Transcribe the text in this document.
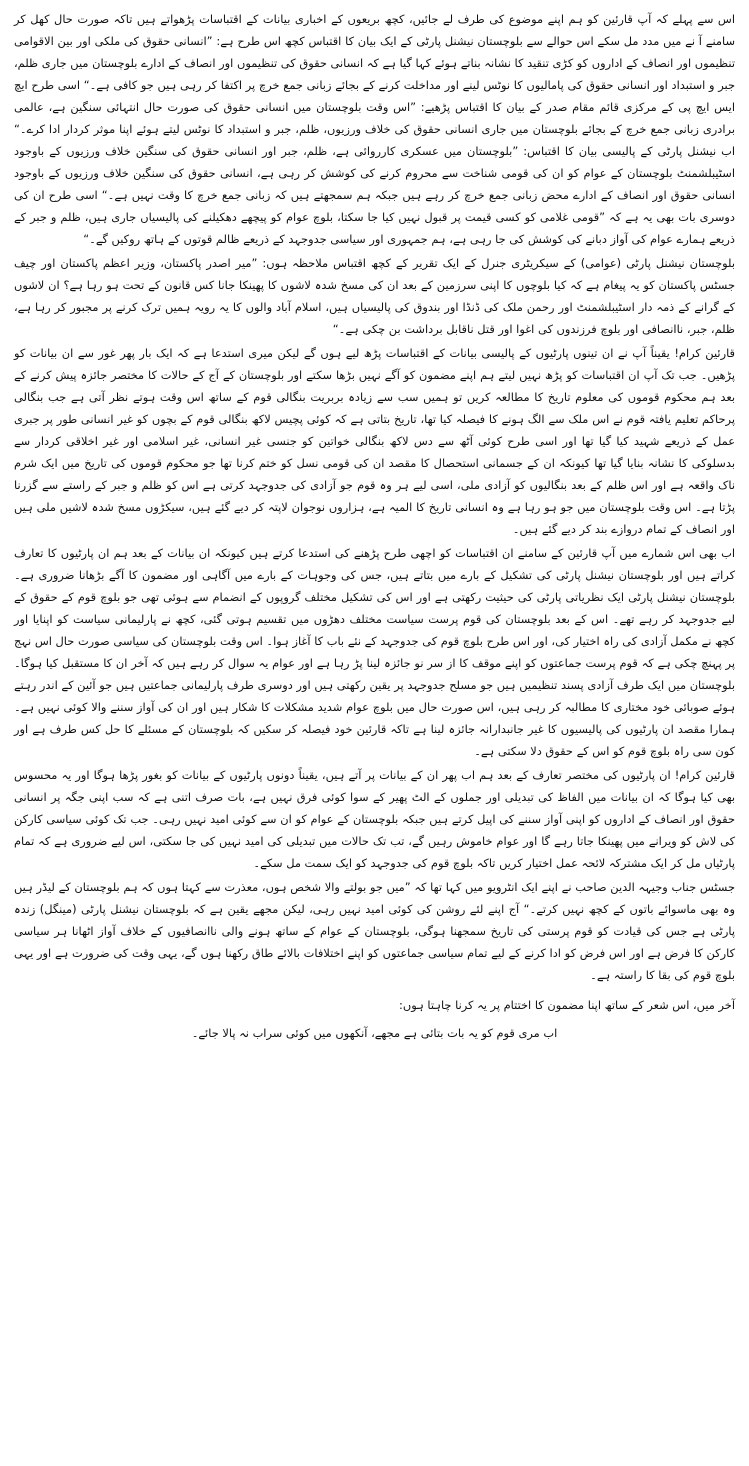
اس سے پہلے کہ آپ قارئین کو ہم اپنے موضوع کی طرف لے جائیں، کچھ بریعوں کے اخباری بیانات کے اقتباسات پڑھواتے ہیں تاکہ صورت حال کھل کر سامنے آ نے میں مدد مل سکے اس حوالے سے بلوچستان نیشنل پارٹی کے ایک بیان کا اقتباس کچھ اس طرح ہے: ”انسانی حقوق کی ملکی اور بین الاقوامی تنظیموں اور انصاف کے اداروں کو کڑی تنقید کا نشانہ بناتے ہوئے کہا گیا ہے کہ انسانی حقوق کی تنظیموں اور انصاف کے ادارے بلوچستان میں جاری ظلم، جبر و استبداد اور انسانی حقوق کی پامالیوں کا نوٹس لینے اور مداخلت کرنے کے بجائے زبانی جمع خرچ پر اکتفا کر رہی ہیں جو کافی ہے۔“ اسی طرح ایچ ایس ایچ پی کے مرکزی قائم مقام صدر کے بیان کا اقتباس پڑھیے: ”اس وقت بلوچستان میں انسانی حقوق کی صورت حال انتہائی سنگین ہے، عالمی برادری زبانی جمع خرچ کے بجائے بلوچستان میں جاری انسانی حقوق کی خلاف ورزیوں، ظلم، جبر و استبداد کا نوٹس لیتے ہوئے اپنا موثر کردار ادا کرے۔“ اب نیشنل پارٹی کے پالیسی بیان کا اقتباس: ”بلوچستان میں عسکری کارروائی ہے، ظلم، جبر اور انسانی حقوق کی سنگین خلاف ورزیوں کے باوجود اسٹیبلشمنٹ بلوچستان کے عوام کو ان کی قومی شناخت سے محروم کرنے کی کوشش کر رہی ہے، انسانی حقوق کی سنگین خلاف ورزیوں کے باوجود انسانی حقوق اور انصاف کے ادارے محض زبانی جمع خرچ کر رہے ہیں جبکہ ہم سمجھتے ہیں کہ زبانی جمع خرچ کا وقت نہیں ہے۔“ اسی طرح ان کی دوسری بات بھی یہ ہے کہ ”قومی غلامی کو کسی قیمت پر قبول نہیں کیا جا سکتا، بلوچ عوام کو پیچھے دھکیلنے کی پالیسیاں جاری ہیں، ظلم و جبر کے ذریعے ہمارے عوام کی آواز دبانے کی کوشش کی جا رہی ہے، ہم جمہوری اور سیاسی جدوجہد کے ذریعے ظالم قوتوں کے ہاتھ روکیں گے۔“

بلوچستان نیشنل پارٹی (عوامی) کے سیکریٹری جنرل کے ایک تقریر کے کچھ اقتباس ملاحظہ ہوں: ”میر اصدر پاکستان، وزیر اعظم پاکستان اور چیف جسٹس پاکستان کو یہ پیغام ہے کہ کیا بلوچوں کا اپنی سرزمین کے بعد ان کی مسخ شدہ لاشوں کا پھینکا جانا کس قانون کے تحت ہو رہا ہے؟ ان لاشوں کے گرانے کے ذمہ دار اسٹیبلشمنٹ اور رحمن ملک کی ڈنڈا اور بندوق کی پالیسیاں ہیں، اسلام آباد والوں کا یہ رویہ ہمیں ترک کرنے پر مجبور کر رہا ہے، ظلم، جبر، ناانصافی اور بلوچ فرزندوں کی اغوا اور قتل ناقابل برداشت بن چکی ہے۔“

قارئین کرام! یقیناً آپ نے ان تینوں پارٹیوں کے پالیسی بیانات کے اقتباسات پڑھ لیے ہوں گے لیکن میری استدعا ہے کہ ایک بار پھر غور سے ان بیانات کو پڑھیں۔ جب تک آپ ان اقتباسات کو پڑھ نہیں لیتے ہم اپنے مضمون کو آگے نہیں بڑھا سکتے اور بلوچستان کے آج کے حالات کا مختصر جائزہ پیش کرنے کے بعد ہم محکوم قوموں کی معلوم تاریخ کا مطالعہ کریں تو ہمیں سب سے زیادہ بربریت بنگالی قوم کے ساتھ اس وقت ہوتے نظر آتی ہے جب بنگالی پرحاکم تعلیم یافتہ قوم نے اس ملک سے الگ ہونے کا فیصلہ کیا تھا، تاریخ بتاتی ہے کہ کوئی پچیس لاکھ بنگالی قوم کے بچوں کو غیر انسانی طور پر جبری عمل کے ذریعے شہید کیا گیا تھا اور اسی طرح کوئی آٹھ سے دس لاکھ بنگالی خواتین کو جنسی غیر انسانی، غیر اسلامی اور غیر اخلاقی کردار سے بدسلوکی کا نشانہ بنایا گیا تھا کیونکہ ان کے جسمانی استحصال کا مقصد ان کی قومی نسل کو ختم کرنا تھا جو محکوم قوموں کی تاریخ میں ایک شرم ناک واقعہ ہے اور اس ظلم کے بعد بنگالیوں کو آزادی ملی، اسی لیے ہر وہ قوم جو آزادی کی جدوجہد کرتی ہے اس کو ظلم و جبر کے راستے سے گزرنا پڑتا ہے۔ اس وقت بلوچستان میں جو ہو رہا ہے وہ انسانی تاریخ کا المیہ ہے، ہزاروں نوجوان لاپتہ کر دیے گئے ہیں، سیکڑوں مسخ شدہ لاشیں ملی ہیں اور انصاف کے تمام دروازے بند کر دیے گئے ہیں۔

اب بھی اس شمارے میں آپ قارئین کے سامنے ان اقتباسات کو اچھی طرح پڑھنے کی استدعا کرتے ہیں کیونکہ ان بیانات کے بعد ہم ان پارٹیوں کا تعارف کراتے ہیں اور بلوچستان نیشنل پارٹی کی تشکیل کے بارے میں بتاتے ہیں، جس کی وجوہات کے بارے میں آگاہی اور مضمون کا آگے بڑھانا ضروری ہے۔ بلوچستان نیشنل پارٹی ایک نظریاتی پارٹی کی حیثیت رکھتی ہے اور اس کی تشکیل مختلف گروپوں کے انضمام سے ہوئی تھی جو بلوچ قوم کے حقوق کے لیے جدوجہد کر رہے تھے۔ اس کے بعد بلوچستان کی قوم پرست سیاست مختلف دھڑوں میں تقسیم ہوتی گئی، کچھ نے پارلیمانی سیاست کو اپنایا اور کچھ نے مکمل آزادی کی راہ اختیار کی، اور اس طرح بلوچ قوم کی جدوجہد کے نئے باب کا آغاز ہوا۔ اس وقت بلوچستان کی سیاسی صورت حال اس نہج پر پہنچ چکی ہے کہ قوم پرست جماعتوں کو اپنے موقف کا از سر نو جائزہ لینا پڑ رہا ہے اور عوام یہ سوال کر رہے ہیں کہ آخر ان کا مستقبل کیا ہوگا۔ بلوچستان میں ایک طرف آزادی پسند تنظیمیں ہیں جو مسلح جدوجہد پر یقین رکھتی ہیں اور دوسری طرف پارلیمانی جماعتیں ہیں جو آئین کے اندر رہتے ہوئے صوبائی خود مختاری کا مطالبہ کر رہی ہیں، اس صورت حال میں بلوچ عوام شدید مشکلات کا شکار ہیں اور ان کی آواز سننے والا کوئی نہیں ہے۔ ہمارا مقصد ان پارٹیوں کی پالیسیوں کا غیر جانبدارانہ جائزہ لینا ہے تاکہ قارئین خود فیصلہ کر سکیں کہ بلوچستان کے مسئلے کا حل کس طرف ہے اور کون سی راہ بلوچ قوم کو اس کے حقوق دلا سکتی ہے۔

قارئین کرام! ان پارٹیوں کی مختصر تعارف کے بعد ہم اب پھر ان کے بیانات پر آتے ہیں، یقیناً دونوں پارٹیوں کے بیانات کو بغور پڑھا ہوگا اور یہ محسوس بھی کیا ہوگا کہ ان بیانات میں الفاظ کی تبدیلی اور جملوں کے الٹ پھیر کے سوا کوئی فرق نہیں ہے، بات صرف اتنی ہے کہ سب اپنی جگہ پر انسانی حقوق اور انصاف کے اداروں کو اپنی آواز سننے کی اپیل کرتے ہیں جبکہ بلوچستان کے عوام کو ان سے کوئی امید نہیں رہی۔ جب تک کوئی سیاسی کارکن کی لاش کو ویرانے میں پھینکا جاتا رہے گا اور عوام خاموش رہیں گے، تب تک حالات میں تبدیلی کی امید نہیں کی جا سکتی، اس لیے ضروری ہے کہ تمام پارٹیاں مل کر ایک مشترکہ لائحہ عمل اختیار کریں تاکہ بلوچ قوم کی جدوجہد کو ایک سمت مل سکے۔

جسٹس جناب وجیہہ الدین صاحب نے اپنے ایک انٹرویو میں کہا تھا کہ ”میں جو بولتے والا شخص ہوں، معذرت سے کہتا ہوں کہ ہم بلوچستان کے لیڈر ہیں وہ بھی ماسوائے باتوں کے کچھ نہیں کرتے۔“ آج اپنے لئے روشن کی کوئی امید نہیں رہی، لیکن مجھے یقین ہے کہ بلوچستان نیشنل پارٹی (مینگل) زندہ پارٹی ہے جس کی قیادت کو قوم پرستی کی تاریخ سمجھنا ہوگی، بلوچستان کے عوام کے ساتھ ہونے والی ناانصافیوں کے خلاف آواز اٹھانا ہر سیاسی کارکن کا فرض ہے اور اس فرض کو ادا کرنے کے لیے تمام سیاسی جماعتوں کو اپنے اختلافات بالائے طاق رکھنا ہوں گے، یہی وقت کی ضرورت ہے اور یہی بلوچ قوم کی بقا کا راستہ ہے۔

آخر میں، اس شعر کے ساتھ اپنا مضمون کا اختتام پر یہ کرنا چاہتا ہوں:

اب مری قوم کو یہ بات بتائی ہے مجھے، آنکھوں میں کوئی سراب نہ پالا جائے۔
